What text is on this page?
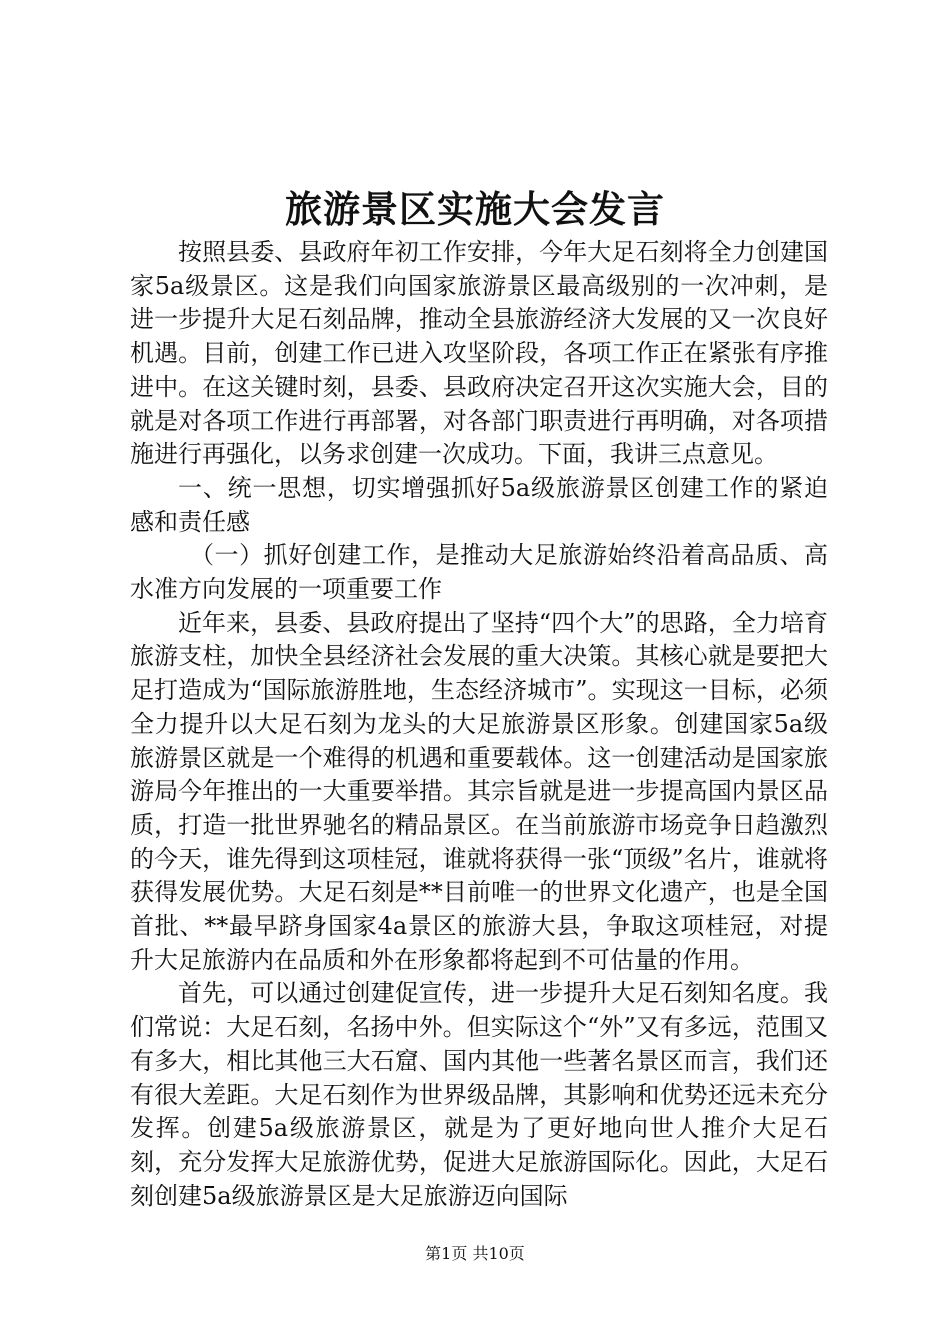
旅游景区实施大会发言

按照县委、县政府年初工作安排，今年大足石刻将全力创建国家5a级景区。这是我们向国家旅游景区最高级别的一次冲刺，是进一步提升大足石刻品牌，推动全县旅游经济大发展的又一次良好机遇。目前，创建工作已进入攻坚阶段，各项工作正在紧张有序推进中。在这关键时刻，县委、县政府决定召开这次实施大会，目的就是对各项工作进行再部署，对各部门职责进行再明确，对各项措施进行再强化，以务求创建一次成功。下面，我讲三点意见。

一、统一思想，切实增强抓好5a级旅游景区创建工作的紧迫感和责任感

（一）抓好创建工作，是推动大足旅游始终沿着高品质、高水准方向发展的一项重要工作

近年来，县委、县政府提出了坚持“四个大”的思路，全力培育旅游支柱，加快全县经济社会发展的重大决策。其核心就是要把大足打造成为“国际旅游胜地，生态经济城市”。实现这一目标，必须全力提升以大足石刻为龙头的大足旅游景区形象。创建国家5a级旅游景区就是一个难得的机遇和重要载体。这一创建活动是国家旅游局今年推出的一大重要举措。其宗旨就是进一步提高国内景区品质，打造一批世界驰名的精品景区。在当前旅游市场竞争日趋激烈的今天，谁先得到这项桂冠，谁就将获得一张“顶级”名片，谁就将获得发展优势。大足石刻是**目前唯一的世界文化遗产，也是全国首批、**最早跻身国家4a景区的旅游大县，争取这项桂冠，对提升大足旅游内在品质和外在形象都将起到不可估量的作用。

首先，可以通过创建促宣传，进一步提升大足石刻知名度。我们常说：大足石刻，名扬中外。但实际这个“外”又有多远，范围又有多大，相比其他三大石窟、国内其他一些著名景区而言，我们还有很大差距。大足石刻作为世界级品牌，其影响和优势还远未充分发挥。创建5a级旅游景区，就是为了更好地向世人推介大足石刻，充分发挥大足旅游优势，促进大足旅游国际化。因此，大足石刻创建5a级旅游景区是大足旅游迈向国际

第1页 共10页
